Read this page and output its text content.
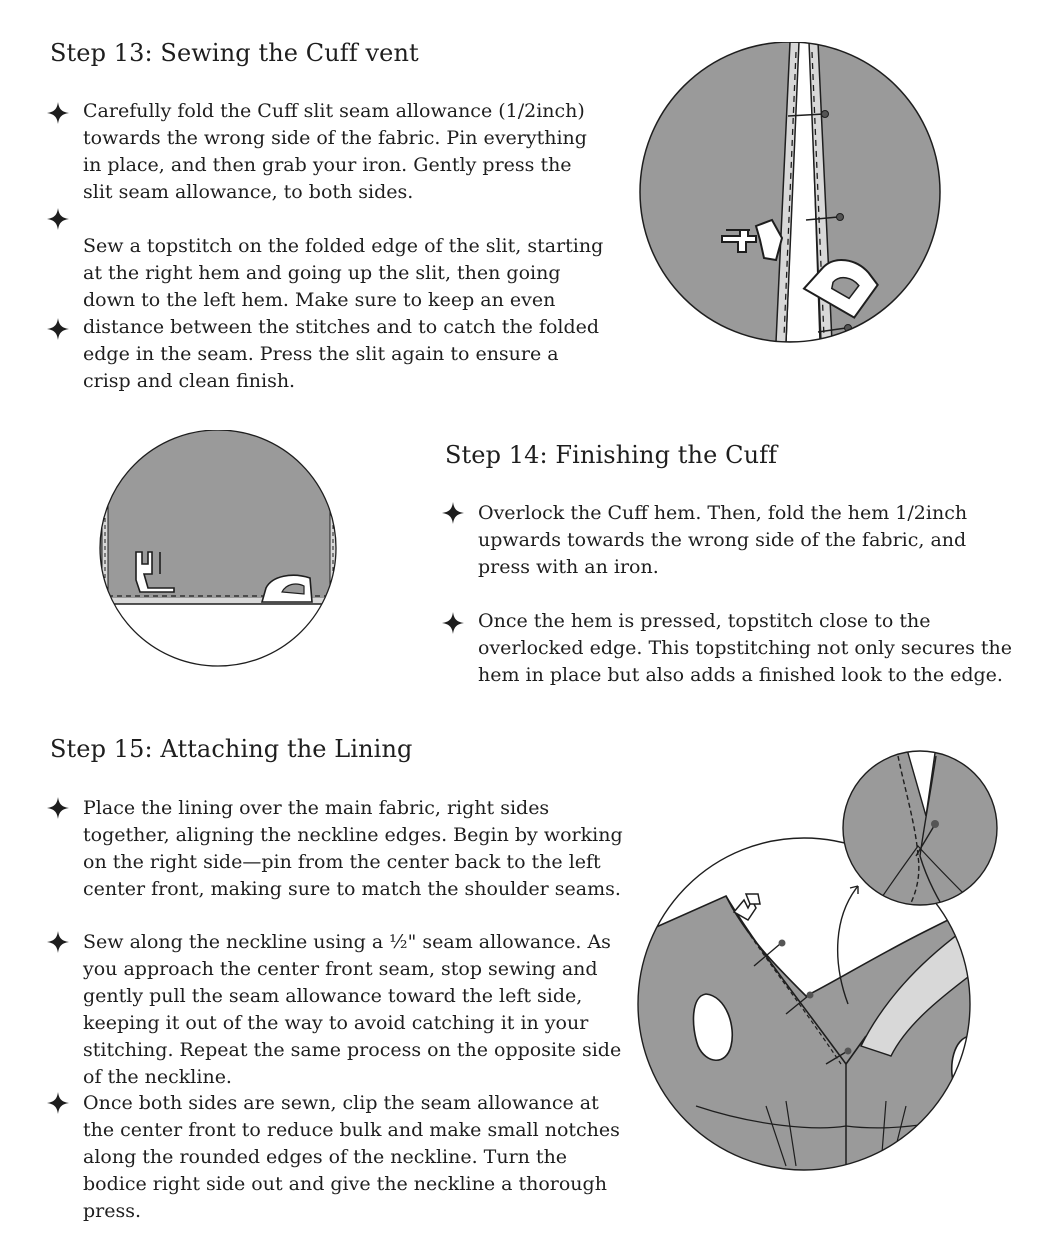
Step 13: Sewing the Cuff vent

Carefully fold the Cuff slit seam allowance (1/2inch) towards the wrong side of the fabric. Pin everything in place, and then grab your iron. Gently press the slit seam allowance, to both sides.

Sew a topstitch on the folded edge of the slit, starting at the right hem and going up the slit, then going down to the left hem. Make sure to keep an even distance between the stitches and to catch the folded edge in the seam. Press the slit again to ensure a crisp and clean finish.

Step 14: Finishing the Cuff

Overlock the Cuff hem. Then, fold the hem 1/2inch upwards towards the wrong side of the fabric, and press with an iron.

Once the hem is pressed, topstitch close to the overlocked edge. This topstitching not only secures the hem in place but also adds a finished look to the edge.

Step 15: Attaching the Lining

Place the lining over the main fabric, right sides together, aligning the neckline edges. Begin by working on the right side—pin from the center back to the left center front, making sure to match the shoulder seams.

Sew along the neckline using a ½" seam allowance. As you approach the center front seam, stop sewing and gently pull the seam allowance toward the left side, keeping it out of the way to avoid catching it in your stitching. Repeat the same process on the opposite side of the neckline.

Once both sides are sewn, clip the seam allowance at the center front to reduce bulk and make small notches along the rounded edges of the neckline. Turn the bodice right side out and give the neckline a thorough press.
